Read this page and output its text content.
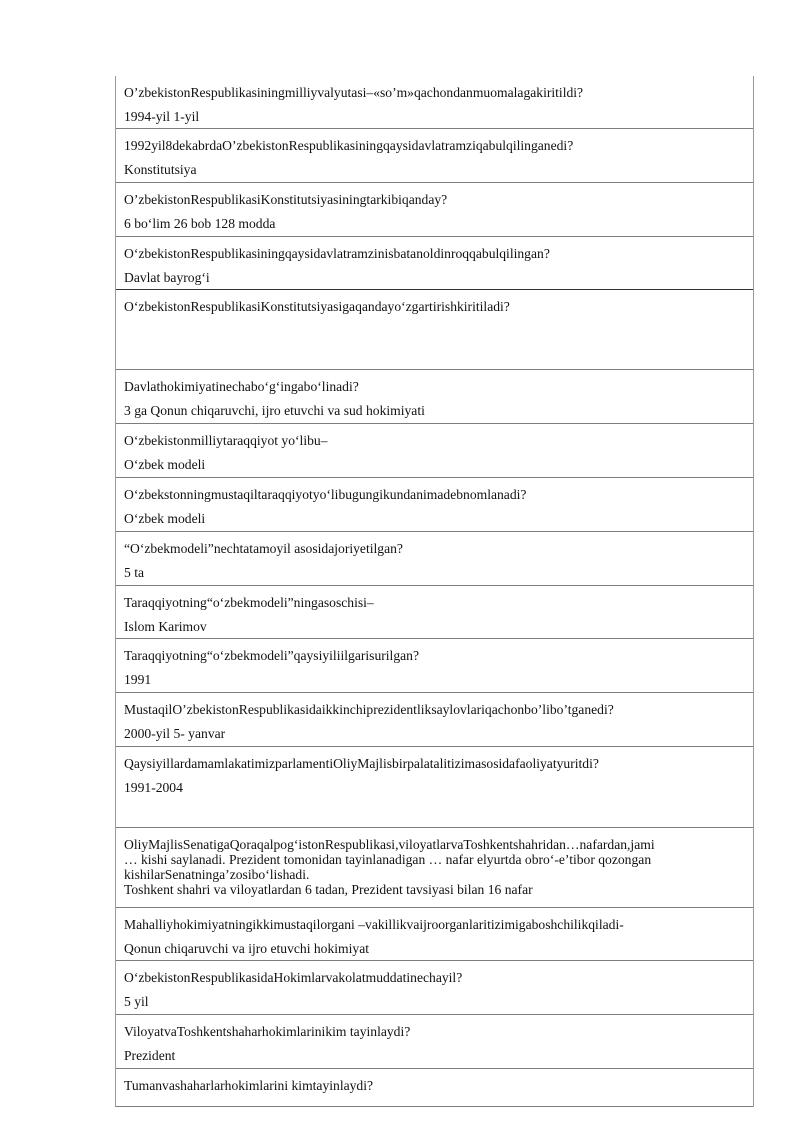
O’zbekistonRespublikasiningmilliyvalyutasi–«so’m»qachondanmuomalagakiritildi?
1994-yil 1-yil
1992yil8dekabrdaO’zbekistonRespublikasiningqaysidavlatramziqabulqilinganedi?
Konstitutsiya
O’zbekistonRespublikasiKonstitutsiyasiningtarkibiqanday?
6 bo‘lim 26 bob 128 modda
O‘zbekistonRespublikasiningqaysidavlatramzinisbatanoldinroqqabulqilingan?
Davlat bayrog‘i
O‘zbekistonRespublikasiKonstitutsiyasigaqandayo‘zgartirishkiritiladi?
Davlathokimiyatinechabo‘g‘ingabo‘linadi?
3 ga Qonun chiqaruvchi, ijro etuvchi va sud hokimiyati
O‘zbekistonmilliytaraqqiyot yo‘libu–
O‘zbek modeli
O‘zbekstonningmustaqiltaraqqiyotyo‘libugungikundanimadebnomlanadi?
O‘zbek modeli
“O‘zbekmodeli”nechtatamoyil asosidajoriyetilgan?
5 ta
Taraqqiyotning“o‘zbekmodeli”ningasoschisi–
Islom Karimov
Taraqqiyotning“o‘zbekmodeli”qaysiyiliilgarisurilgan?
1991
MustaqilO’zbekistonRespublikasidaikkinchiprezidentliksaylovlariqachonbo’libo’tganedi?
2000-yil 5- yanvar
QaysiyillardamamlakatimizparlamentiOliyMajlisbirpalatalitizimasosidafaoliyatyuritdi?
1991-2004
OliyMajlisSenatigaQoraqalpog‘istonRespublikasi,viloyatlarvaToshkentshahridan…nafardan,jami
… kishi saylanadi. Prezident tomonidan tayinlanadigan … nafar elyurtda obro‘-e’tibor qozongan
kishilarSenatninga’zosibo‘lishadi.
Toshkent shahri va viloyatlardan 6 tadan, Prezident tavsiyasi bilan 16 nafar
Mahalliyhokimiyatningikkimustaqilorgani –vakillikvaijroorganlaritizimigaboshchilikqiladi-
Qonun chiqaruvchi va ijro etuvchi hokimiyat
O‘zbekistonRespublikasidaHokimlarvakolatmuddatinechayil?
5 yil
ViloyatvaToshkentshaharhokimlarinikim tayinlaydi?
Prezident
Tumanvashaharlarhokimlarini kimtayinlaydi?
